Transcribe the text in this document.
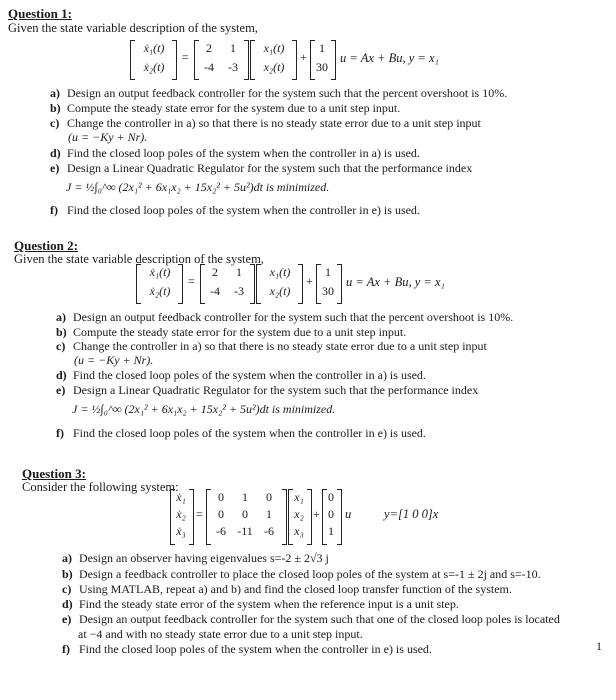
Question 1:
Given the state variable description of the system,
ẋ₁(t)
ẋ₂(t)
=
2	1
-4	-3
x₁(t)
x₂(t)
+
1
30
u = Ax + Bu, y = x₁
a) Design an output feedback controller for the system such that the percent overshoot is 10%.
b) Compute the steady state error for the system due to a unit step input.
c) Change the controller in a) so that there is no steady state error due to a unit step input
(u = −Ky + Nr).
d) Find the closed loop poles of the system when the controller in a) is used.
e) Design a Linear Quadratic Regulator for the system such that the performance index
J = ½∫₀^∞ (2x₁² + 6x₁x₂ + 15x₂² + 5u²)dt is minimized.
f) Find the closed loop poles of the system when the controller in e) is used.
Question 2:
Given the state variable description of the system,
ẋ₁(t)
ẋ₂(t)
=
2	1
-4	-3
x₁(t)
x₂(t)
+
1
30
u = Ax + Bu, y = x₁
a) Design an output feedback controller for the system such that the percent overshoot is 10%.
b) Compute the steady state error for the system due to a unit step input.
c) Change the controller in a) so that there is no steady state error due to a unit step input
(u = −Ky + Nr).
d) Find the closed loop poles of the system when the controller in a) is used.
e) Design a Linear Quadratic Regulator for the system such that the performance index
J = ½∫₀^∞ (2x₁² + 6x₁x₂ + 15x₂² + 5u²)dt is minimized.
f) Find the closed loop poles of the system when the controller in e) is used.
Question 3:
Consider the following system:
ẋ₁
ẋ₂
ẋ₃
=
0	1	0
0	0	1
-6 -11 -6
x₁
x₂
x₃
+
0
0
1
u	y=[1 0 0]x
a) Design an observer having eigenvalues s=-2 ± 2√3 j
b) Design a feedback controller to place the closed loop poles of the system at s=-1 ± 2j and s=-10.
c) Using MATLAB, repeat a) and b) and find the closed loop transfer function of the system.
d) Find the steady state error of the system when the reference input is a unit step.
e) Design an output feedback controller for the system such that one of the closed loop poles is located
at −4 and with no steady state error due to a unit step input.
f) Find the closed loop poles of the system when the controller in e) is used.	1
